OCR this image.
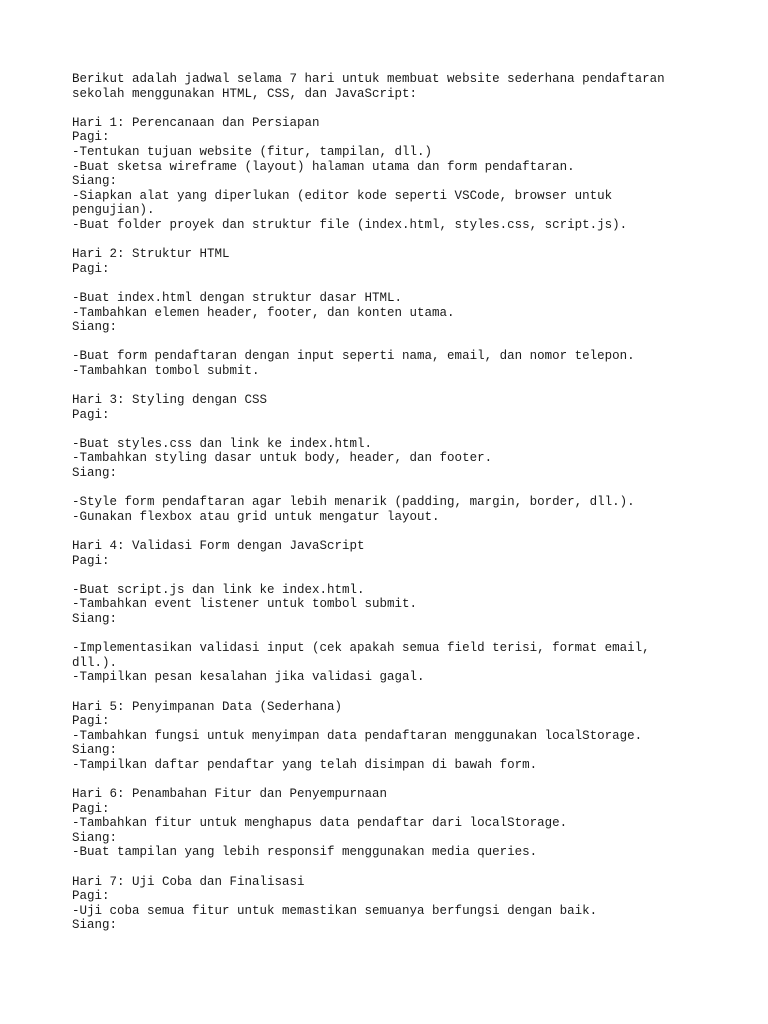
Berikut adalah jadwal selama 7 hari untuk membuat website sederhana pendaftaran
sekolah menggunakan HTML, CSS, dan JavaScript:
Hari 1: Perencanaan dan Persiapan
Pagi:
-Tentukan tujuan website (fitur, tampilan, dll.)
-Buat sketsa wireframe (layout) halaman utama dan form pendaftaran.
Siang:
-Siapkan alat yang diperlukan (editor kode seperti VSCode, browser untuk
pengujian).
-Buat folder proyek dan struktur file (index.html, styles.css, script.js).
Hari 2: Struktur HTML
Pagi:
-Buat index.html dengan struktur dasar HTML.
-Tambahkan elemen header, footer, dan konten utama.
Siang:
-Buat form pendaftaran dengan input seperti nama, email, dan nomor telepon.
-Tambahkan tombol submit.
Hari 3: Styling dengan CSS
Pagi:
-Buat styles.css dan link ke index.html.
-Tambahkan styling dasar untuk body, header, dan footer.
Siang:
-Style form pendaftaran agar lebih menarik (padding, margin, border, dll.).
-Gunakan flexbox atau grid untuk mengatur layout.
Hari 4: Validasi Form dengan JavaScript
Pagi:
-Buat script.js dan link ke index.html.
-Tambahkan event listener untuk tombol submit.
Siang:
-Implementasikan validasi input (cek apakah semua field terisi, format email,
dll.).
-Tampilkan pesan kesalahan jika validasi gagal.
Hari 5: Penyimpanan Data (Sederhana)
Pagi:
-Tambahkan fungsi untuk menyimpan data pendaftaran menggunakan localStorage.
Siang:
-Tampilkan daftar pendaftar yang telah disimpan di bawah form.
Hari 6: Penambahan Fitur dan Penyempurnaan
Pagi:
-Tambahkan fitur untuk menghapus data pendaftar dari localStorage.
Siang:
-Buat tampilan yang lebih responsif menggunakan media queries.
Hari 7: Uji Coba dan Finalisasi
Pagi:
-Uji coba semua fitur untuk memastikan semuanya berfungsi dengan baik.
Siang:
